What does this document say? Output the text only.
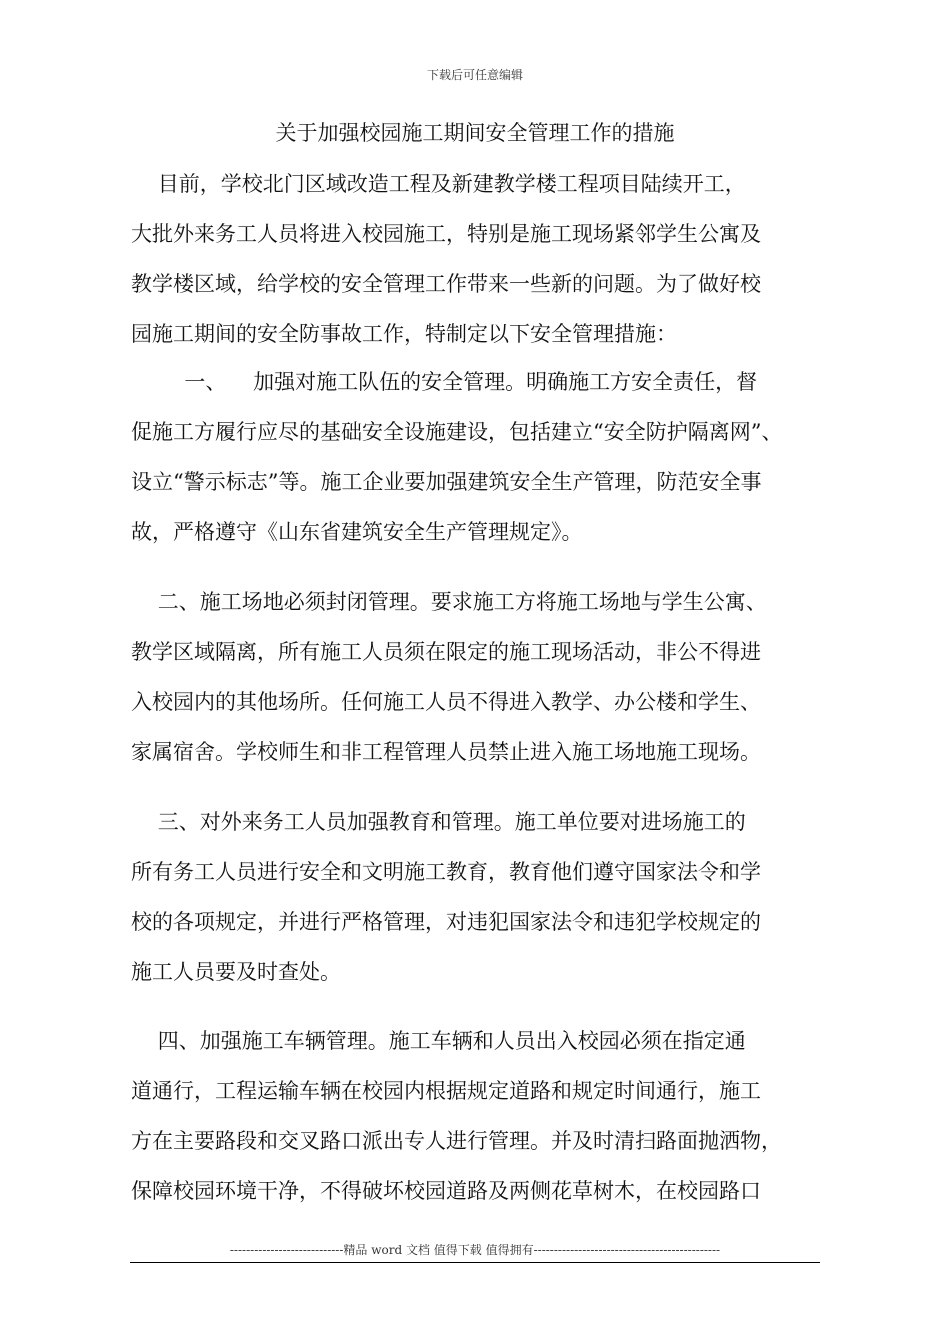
下载后可任意编辑
关于加强校园施工期间安全管理工作的措施

目前，学校北门区域改造工程及新建教学楼工程项目陆续开工，
大批外来务工人员将进入校园施工，特别是施工现场紧邻学生公寓及
教学楼区域，给学校的安全管理工作带来一些新的问题。为了做好校
园施工期间的安全防事故工作，特制定以下安全管理措施：

一、    加强对施工队伍的安全管理。明确施工方安全责任，督
促施工方履行应尽的基础安全设施建设，包括建立“安全防护隔离网”、
设立“警示标志”等。施工企业要加强建筑安全生产管理，防范安全事
故，严格遵守《山东省建筑安全生产管理规定》。

二、施工场地必须封闭管理。要求施工方将施工场地与学生公寓、
教学区域隔离，所有施工人员须在限定的施工现场活动，非公不得进
入校园内的其他场所。任何施工人员不得进入教学、办公楼和学生、
家属宿舍。学校师生和非工程管理人员禁止进入施工场地施工现场。

三、对外来务工人员加强教育和管理。施工单位要对进场施工的
所有务工人员进行安全和文明施工教育，教育他们遵守国家法令和学
校的各项规定，并进行严格管理，对违犯国家法令和违犯学校规定的
施工人员要及时查处。

四、加强施工车辆管理。施工车辆和人员出入校园必须在指定通
道通行，工程运输车辆在校园内根据规定道路和规定时间通行，施工
方在主要路段和交叉路口派出专人进行管理。并及时清扫路面抛洒物，
保障校园环境干净，不得破坏校园道路及两侧花草树木，在校园路口

----------------------------精品 word 文档 值得下载 值得拥有----------------------------------------------
